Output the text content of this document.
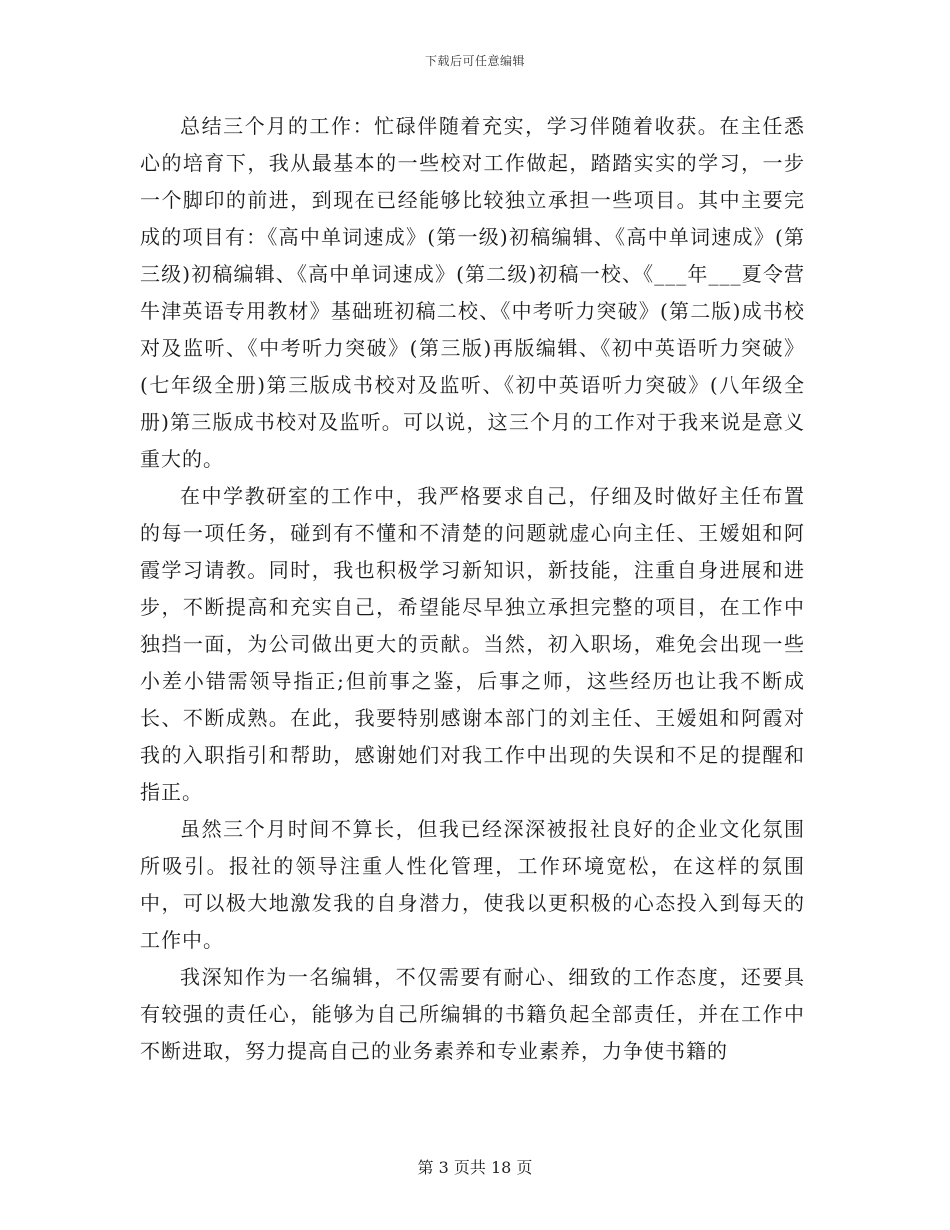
下载后可任意编辑

总结三个月的工作：忙碌伴随着充实，学习伴随着收获。在主任悉心的培育下，我从最基本的一些校对工作做起，踏踏实实的学习，一步一个脚印的前进，到现在已经能够比较独立承担一些项目。其中主要完成的项目有：《高中单词速成》(第一级)初稿编辑、《高中单词速成》(第三级)初稿编辑、《高中单词速成》(第二级)初稿一校、《___年___夏令营牛津英语专用教材》基础班初稿二校、《中考听力突破》(第二版)成书校对及监听、《中考听力突破》(第三版)再版编辑、《初中英语听力突破》(七年级全册)第三版成书校对及监听、《初中英语听力突破》(八年级全册)第三版成书校对及监听。可以说，这三个月的工作对于我来说是意义重大的。

在中学教研室的工作中，我严格要求自己，仔细及时做好主任布置的每一项任务，碰到有不懂和不清楚的问题就虚心向主任、王嫒姐和阿霞学习请教。同时，我也积极学习新知识，新技能，注重自身进展和进步，不断提高和充实自己，希望能尽早独立承担完整的项目，在工作中独挡一面，为公司做出更大的贡献。当然，初入职场，难免会出现一些小差小错需领导指正;但前事之鉴，后事之师，这些经历也让我不断成长、不断成熟。在此，我要特别感谢本部门的刘主任、王嫒姐和阿霞对我的入职指引和帮助，感谢她们对我工作中出现的失误和不足的提醒和指正。

虽然三个月时间不算长，但我已经深深被报社良好的企业文化氛围所吸引。报社的领导注重人性化管理，工作环境宽松，在这样的氛围中，可以极大地激发我的自身潜力，使我以更积极的心态投入到每天的工作中。

我深知作为一名编辑，不仅需要有耐心、细致的工作态度，还要具有较强的责任心，能够为自己所编辑的书籍负起全部责任，并在工作中不断进取，努力提高自己的业务素养和专业素养，力争使书籍的

第 3 页共 18 页
